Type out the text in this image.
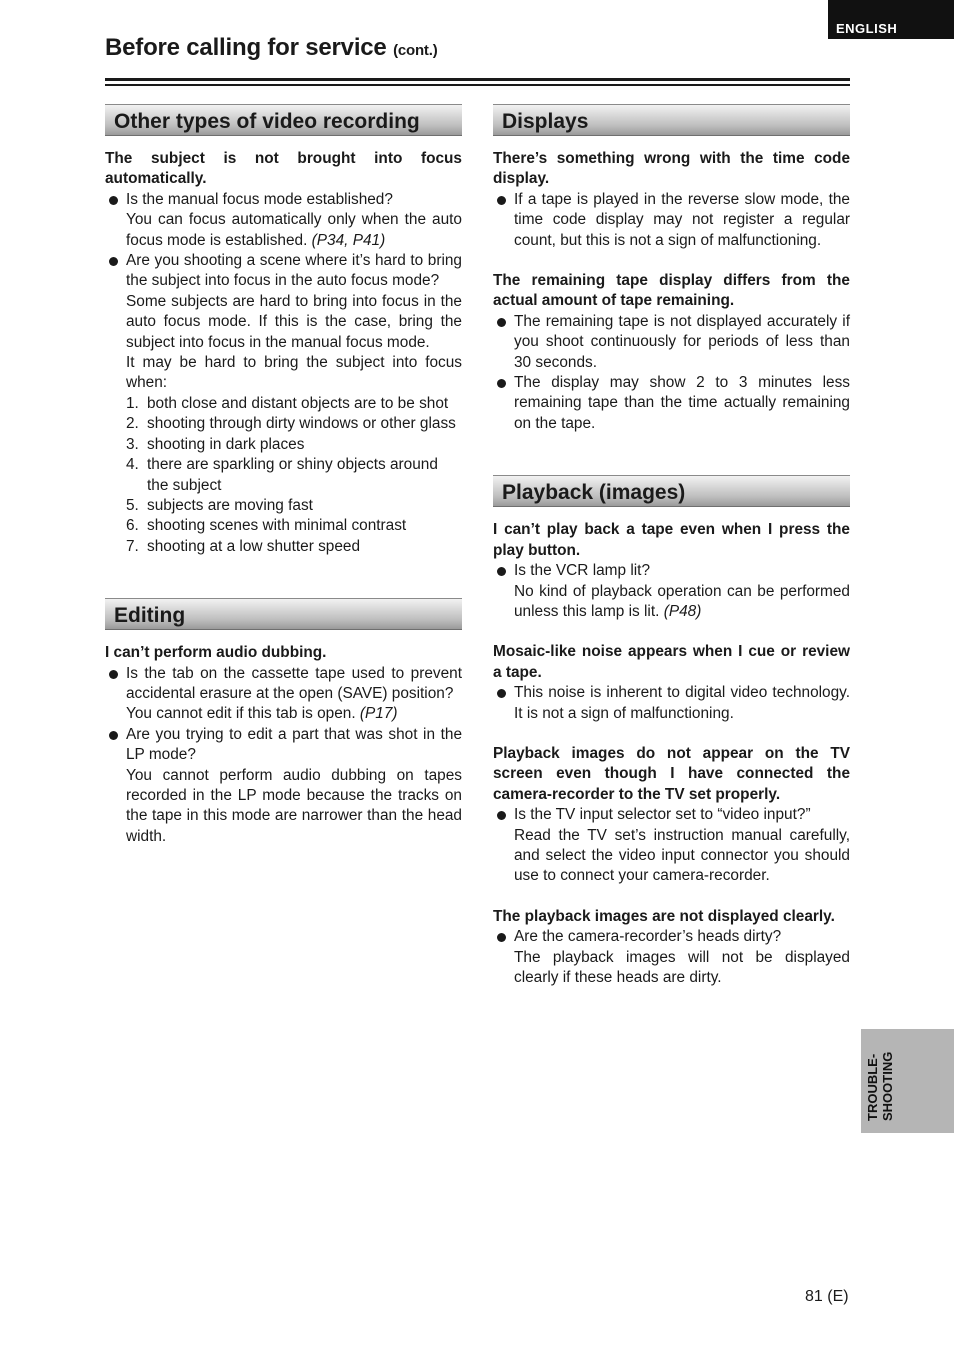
ENGLISH
Before calling for service (cont.)
Other types of video recording

The subject is not brought into focus automatically.

Is the manual focus mode established?

You can focus automatically only when the auto focus mode is established. (P34, P41)

Are you shooting a scene where it’s hard to bring the subject into focus in the auto focus mode?

Some subjects are hard to bring into focus in the auto focus mode. If this is the case, bring the subject into focus in the manual focus mode.

It may be hard to bring the subject into focus when:

1. both close and distant objects are to be shot
2. shooting through dirty windows or other glass
3. shooting in dark places
4. there are sparkling or shiny objects around the subject
5. subjects are moving fast
6. shooting scenes with minimal contrast
7. shooting at a low shutter speed
Editing

I can’t perform audio dubbing.

Is the tab on the cassette tape used to prevent accidental erasure at the open (SAVE) position?

You cannot edit if this tab is open. (P17)

Are you trying to edit a part that was shot in the LP mode?

You cannot perform audio dubbing on tapes recorded in the LP mode because the tracks on the tape in this mode are narrower than the head width.

Displays

There’s something wrong with the time code display.

If a tape is played in the reverse slow mode, the time code display may not register a regular count, but this is not a sign of malfunctioning.

The remaining tape display differs from the actual amount of tape remaining.

The remaining tape is not displayed accurately if you shoot continuously for periods of less than 30 seconds.
The display may show 2 to 3 minutes less remaining tape than the time actually remaining on the tape.
Playback (images)

I can’t play back a tape even when I press the play button.

Is the VCR lamp lit?

No kind of playback operation can be performed unless this lamp is lit. (P48)

Mosaic-like noise appears when I cue or review a tape.

This noise is inherent to digital video technology. It is not a sign of malfunctioning.

Playback images do not appear on the TV screen even though I have connected the camera-recorder to the TV set properly.

Is the TV input selector set to “video input?”

Read the TV set’s instruction manual carefully, and select the video input connector you should use to connect your camera-recorder.

The playback images are not displayed clearly.

Are the camera-recorder’s heads dirty?

The playback images will not be displayed clearly if these heads are dirty.

TROUBLE- SHOOTING
81 (E)
